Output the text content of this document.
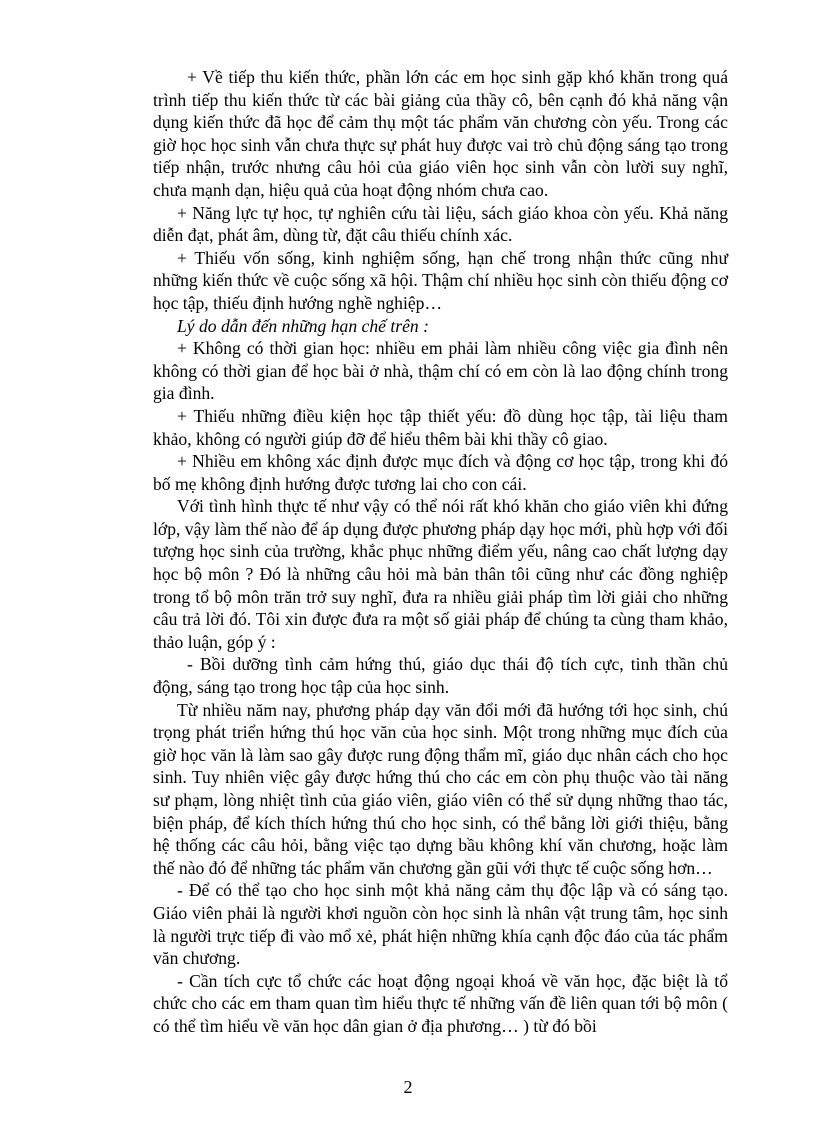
+ Về tiếp thu kiến thức, phần lớn các em học sinh gặp khó khăn trong quá trình tiếp thu kiến thức từ các bài giảng của thầy cô, bên cạnh đó khả năng vận dụng kiến thức đã học để cảm thụ một tác phẩm văn chương còn yếu. Trong các giờ học học sinh vẫn chưa thực sự phát huy được vai trò chủ động sáng tạo trong tiếp nhận, trước nhưng câu hỏi của giáo viên học sinh vẫn còn lười suy nghĩ, chưa mạnh dạn, hiệu quả của hoạt động nhóm chưa cao.

+ Năng lực tự học, tự nghiên cứu tài liệu, sách giáo khoa còn yếu. Khả năng diễn đạt, phát âm, dùng từ, đặt câu thiếu chính xác.

+ Thiếu vốn sống, kinh nghiệm sống, hạn chế trong nhận thức cũng như những kiến thức về cuộc sống xã hội. Thậm chí nhiều học sinh còn thiếu động cơ học tập, thiếu định hướng nghề nghiệp…

Lý do dẫn đến những hạn chế trên :

+ Không có thời gian học: nhiều em phải làm nhiều công việc gia đình nên không có thời gian để học bài ở nhà, thậm chí có em còn là lao động chính trong gia đình.

+ Thiếu những điều kiện học tập thiết yếu: đồ dùng học tập, tài liệu tham khảo, không có người giúp đỡ để hiểu thêm bài khi thầy cô giao.

+ Nhiều em không xác định được mục đích và động cơ học tập, trong khi đó bố mẹ không định hướng được tương lai cho con cái.

Với tình hình thực tế như vậy có thể nói rất khó khăn cho giáo viên khi đứng lớp, vậy làm thế nào để áp dụng được phương pháp dạy học mới, phù hợp với đối tượng học sinh của trường, khắc phục những điểm yếu, nâng cao chất lượng dạy học bộ môn ? Đó là những câu hỏi mà bản thân tôi cũng như các đồng nghiệp trong tổ bộ môn trăn trở suy nghĩ, đưa ra nhiều giải pháp tìm lời giải cho những câu trả lời đó. Tôi xin được đưa ra một số giải pháp để chúng ta cùng tham khảo, thảo luận, góp ý :

- Bồi dưỡng tình cảm hứng thú, giáo dục thái độ tích cực, tinh thần chủ động, sáng tạo trong học tập của học sinh.

Từ nhiều năm nay, phương pháp dạy văn đổi mới đã hướng tới học sinh, chú trọng phát triển hứng thú học văn của học sinh. Một trong những mục đích của giờ học văn là làm sao gây được rung động thẩm mĩ, giáo dục nhân cách cho học sinh. Tuy nhiên việc gây được hứng thú cho các em còn phụ thuộc vào tài năng sư phạm, lòng nhiệt tình của giáo viên, giáo viên có thể sử dụng những thao tác, biện pháp, để kích thích hứng thú cho học sinh, có thể bằng lời giới thiệu, bằng hệ thống các câu hỏi, bằng việc tạo dựng bầu không khí văn chương, hoặc làm thế nào đó để những tác phẩm văn chương gần gũi với thực tế cuộc sống hơn…

- Để có thể tạo cho học sinh một khả năng cảm thụ độc lập và có sáng tạo. Giáo viên phải là người khơi nguồn còn học sinh là nhân vật trung tâm, học sinh là người trực tiếp đi vào mổ xẻ, phát hiện những khía cạnh độc đáo của tác phẩm văn chương.

- Cần tích cực tổ chức các hoạt động ngoại khoá về văn học, đặc biệt là tổ chức cho các em tham quan tìm hiểu thực tế những vấn đề liên quan tới bộ môn ( có thể tìm hiểu về văn học dân gian ở địa phương… ) từ đó bồi

2
